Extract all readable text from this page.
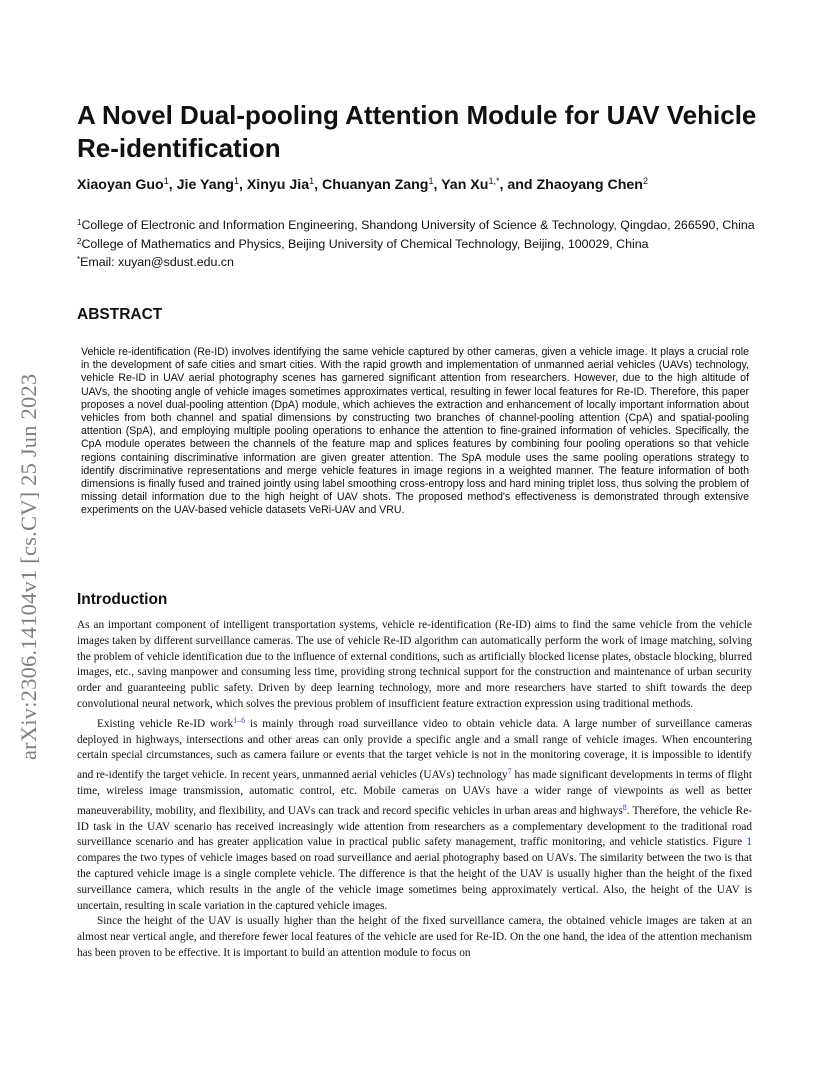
arXiv:2306.14104v1 [cs.CV] 25 Jun 2023
A Novel Dual-pooling Attention Module for UAV Vehicle Re-identification
Xiaoyan Guo$^1$, Jie Yang$^1$, Xinyu Jia$^1$, Chuanyan Zang$^1$, Yan $Xu^{1,*}$, and Zhaoyang Chen$^2$

$^1$College of Electronic and Information Engineering, Shandong University of Science & Technology, Qingdao, 266590, China

$^2$College of Mathematics and Physics, Beijing University of Chemical Technology, Beijing, 100029, China

*Email: xuyan@sdust.edu.cn

ABSTRACT

Vehicle re-identification (Re-ID) involves identifying the same vehicle captured by other cameras, given a vehicle image. It plays a crucial role in the development of safe cities and smart cities. With the rapid growth and implementation of unmanned aerial vehicles (UAVs) technology, vehicle Re-ID in UAV aerial photography scenes has garnered significant attention from researchers. However, due to the high altitude of UAVs, the shooting angle of vehicle images sometimes approximates vertical, resulting in fewer local features for Re-ID. Therefore, this paper proposes a novel dual-pooling attention (DpA) module, which achieves the extraction and enhancement of locally important information about vehicles from both channel and spatial dimensions by constructing two branches of channel-pooling attention (CpA) and spatial-pooling attention (SpA), and employing multiple pooling operations to enhance the attention to fine-grained information of vehicles. Specifically, the CpA module operates between the channels of the feature map and splices features by combining four pooling operations so that vehicle regions containing discriminative information are given greater attention. The SpA module uses the same pooling operations strategy to identify discriminative representations and merge vehicle features in image regions in a weighted manner. The feature information of both dimensions is finally fused and trained jointly using label smoothing cross-entropy loss and hard mining triplet loss, thus solving the problem of missing detail information due to the high height of UAV shots. The proposed method's effectiveness is demonstrated through extensive experiments on the UAV-based vehicle datasets VeRi-UAV and VRU.

Introduction

As an important component of intelligent transportation systems, vehicle re-identification (Re-ID) aims to find the same vehicle from the vehicle images taken by different surveillance cameras. The use of vehicle Re-ID algorithm can automatically perform the work of image matching, solving the problem of vehicle identification due to the influence of external conditions, such as artificially blocked license plates, obstacle blocking, blurred images, etc., saving manpower and consuming less time, providing strong technical support for the construction and maintenance of urban security order and guaranteeing public safety. Driven by deep learning technology, more and more researchers have started to shift towards the deep convolutional neural network, which solves the previous problem of insufficient feature extraction expression using traditional methods.

Existing vehicle Re-ID work$^{1-6}$ is mainly through road surveillance video to obtain vehicle data. A large number of surveillance cameras deployed in highways, intersections and other areas can only provide a specific angle and a small range of vehicle images. When encountering certain special circumstances, such as camera failure or events that the target vehicle is not in the monitoring coverage, it is impossible to identify and re-identify the target vehicle. In recent years, unmanned aerial vehicles (UAVs) technology$^7$ has made significant developments in terms of flight time, wireless image transmission, automatic control, etc. Mobile cameras on UAVs have a wider range of viewpoints as well as better maneuverability, mobility, and flexibility, and UAVs can track and record specific vehicles in urban areas and highways$^8$. Therefore, the vehicle Re-ID task in the UAV scenario has received increasingly wide attention from researchers as a complementary development to the traditional road surveillance scenario and has greater application value in practical public safety management, traffic monitoring, and vehicle statistics. Figure 1 compares the two types of vehicle images based on road surveillance and aerial photography based on UAVs. The similarity between the two is that the captured vehicle image is a single complete vehicle. The difference is that the height of the UAV is usually higher than the height of the fixed surveillance camera, which results in the angle of the vehicle image sometimes being approximately vertical. Also, the height of the UAV is uncertain, resulting in scale variation in the captured vehicle images.

Since the height of the UAV is usually higher than the height of the fixed surveillance camera, the obtained vehicle images are taken at an almost near vertical angle, and therefore fewer local features of the vehicle are used for Re-ID. On the one hand, the idea of the attention mechanism has been proven to be effective. It is important to build an attention module to focus on
